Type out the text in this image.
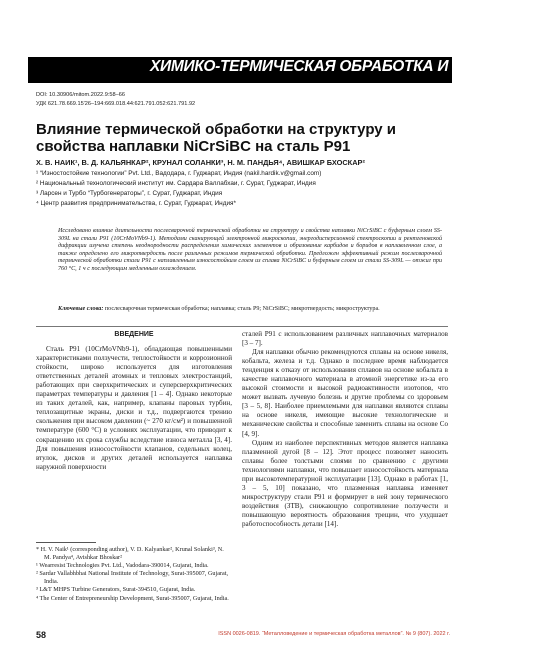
ХИМИКО-ТЕРМИЧЕСКАЯ ОБРАБОТКА И ПОКРЫТИЯ
DOI: 10.30906/mitom.2022.9:58–66
УДК 621.78.669.15'26–194:669.018.44:621.791.052:621.791.92
Влияние термической обработки на структуру и свойства наплавки NiCrSiBC на сталь P91
Х. В. НАИК¹, В. Д. КАЛЬЯНКАР², КРУНАЛ СОЛАНКИ³, Н. М. ПАНДЬЯ⁴, АВИШКАР БХОСКАР²
¹ “Изностостойкие технологии” Pvt. Ltd., Вадодара, г. Гуджарат, Индия (nakil.hardik.v@gmail.com)
² Национальный технологический институт им. Сардара Валлабхаи, г. Сурат, Гуджарат, Индия
³ Ларсен и Турбо “Турбогенераторы”, г. Сурат, Гуджарат, Индия
⁴ Центр развития предпринимательства, г. Сурат, Гуджарат, Индия*
Исследовано влияние длительности послесварочной термической обработки на структуру и свойства наплавки NiCrSiBC с буферным слоем SS-309L на стали P91 (10CrMoVNb9-1). Методами сканирующей электронной микроскопии, энергодисперсионной спектроскопии и рентгеновской дифракции изучена степень неоднородности распределения химических элементов и образование карбидов и боридов в наплавленном слое, а также определено его микротвердость после различных режимов термической обработки. Предложен эффективный режим послесварочной термической обработки стали P91 с наплавленным износостойким слоем из сплава NiCrSiBC и буферным слоем из стали SS-309L — отжиг при 760 °С, 1 ч с последующим медленным охлаждением.
Ключевые слова: послесварочная термическая обработка; наплавка; сталь P9; NiCrSiBC; микротвердость; микроструктура.
ВВЕДЕНИЕ

Сталь P91 (10CrMoVNb9-1), обладающая повышенными характеристиками ползучести, теплостойкости и коррозионной стойкости, широко используется для изготовления ответственных деталей атомных и тепловых электростанций, работающих при сверхкритических и суперсверхкритических параметрах температуры и давления [1 – 4]. Однако некоторые из таких деталей, как, например, клапаны паровых турбин, теплозащитные экраны, диски и т.д., подвергаются трению скольжения при высоком давлении (~ 270 кг/см²) и повышенной температуре (600 °С) в условиях эксплуатации, что приводит к сокращению их срока службы вследствие износа металла [3, 4]. Для повышения износостойкости клапанов, седельных колец, втулок, дисков и других деталей используется наплавка наружной поверхности

сталей P91 с использованием различных наплавочных материалов [3 – 7].

Для наплавки обычно рекомендуются сплавы на основе никеля, кобальта, железа и т.д. Однако в последнее время наблюдается тенденция к отказу от использования сплавов на основе кобальта в качестве наплавочного материала в атомной энергетике из-за его высокой стоимости и высокой радиоактивности изотопов, что может вызвать лучевую болезнь и другие проблемы со здоровьем [3 – 5, 8]. Наиболее приемлемыми для наплавки являются сплавы на основе никеля, имеющие высокие технологические и механические свойства и способные заменить сплавы на основе Co [4, 9].

Одним из наиболее перспективных методов является наплавка плазменной дугой [8 – 12]. Этот процесс позволяет наносить сплавы более толстыми слоями по сравнению с другими технологиями наплавки, что повышает износостойкость материала при высокотемпературной эксплуатации [13]. Однако в работах [1, 3 – 5, 10] показано, что плазменная наплавка изменяет микроструктуру стали P91 и формирует в ней зону термического воздействия (ЗТВ), снижающую сопротивление ползучести и повышающую вероятность образования трещин, что ухудшает работоспособность детали [14].

* H. V. Naik¹ (corresponding author), V. D. Kalyankar², Krunal Solanki³, N. M. Pandya⁴, Avishkar Bhoskar²
¹ Wearresist Technologies Pvt. Ltd., Vadodara-390014, Gujarat, India.
² Sardar Vallabhbhai National Institute of Technology, Surat-395007, Gujarat, India.
³ L&T MHPS Turbine Generators, Surat-394510, Gujarat, India.
⁴ The Center of Entrepreneurship Development, Surat-395007, Gujarat, India.
58	ISSN 0026-0819. “Металловедение и термическая обработка металлов”. № 9 (807). 2022 г.
